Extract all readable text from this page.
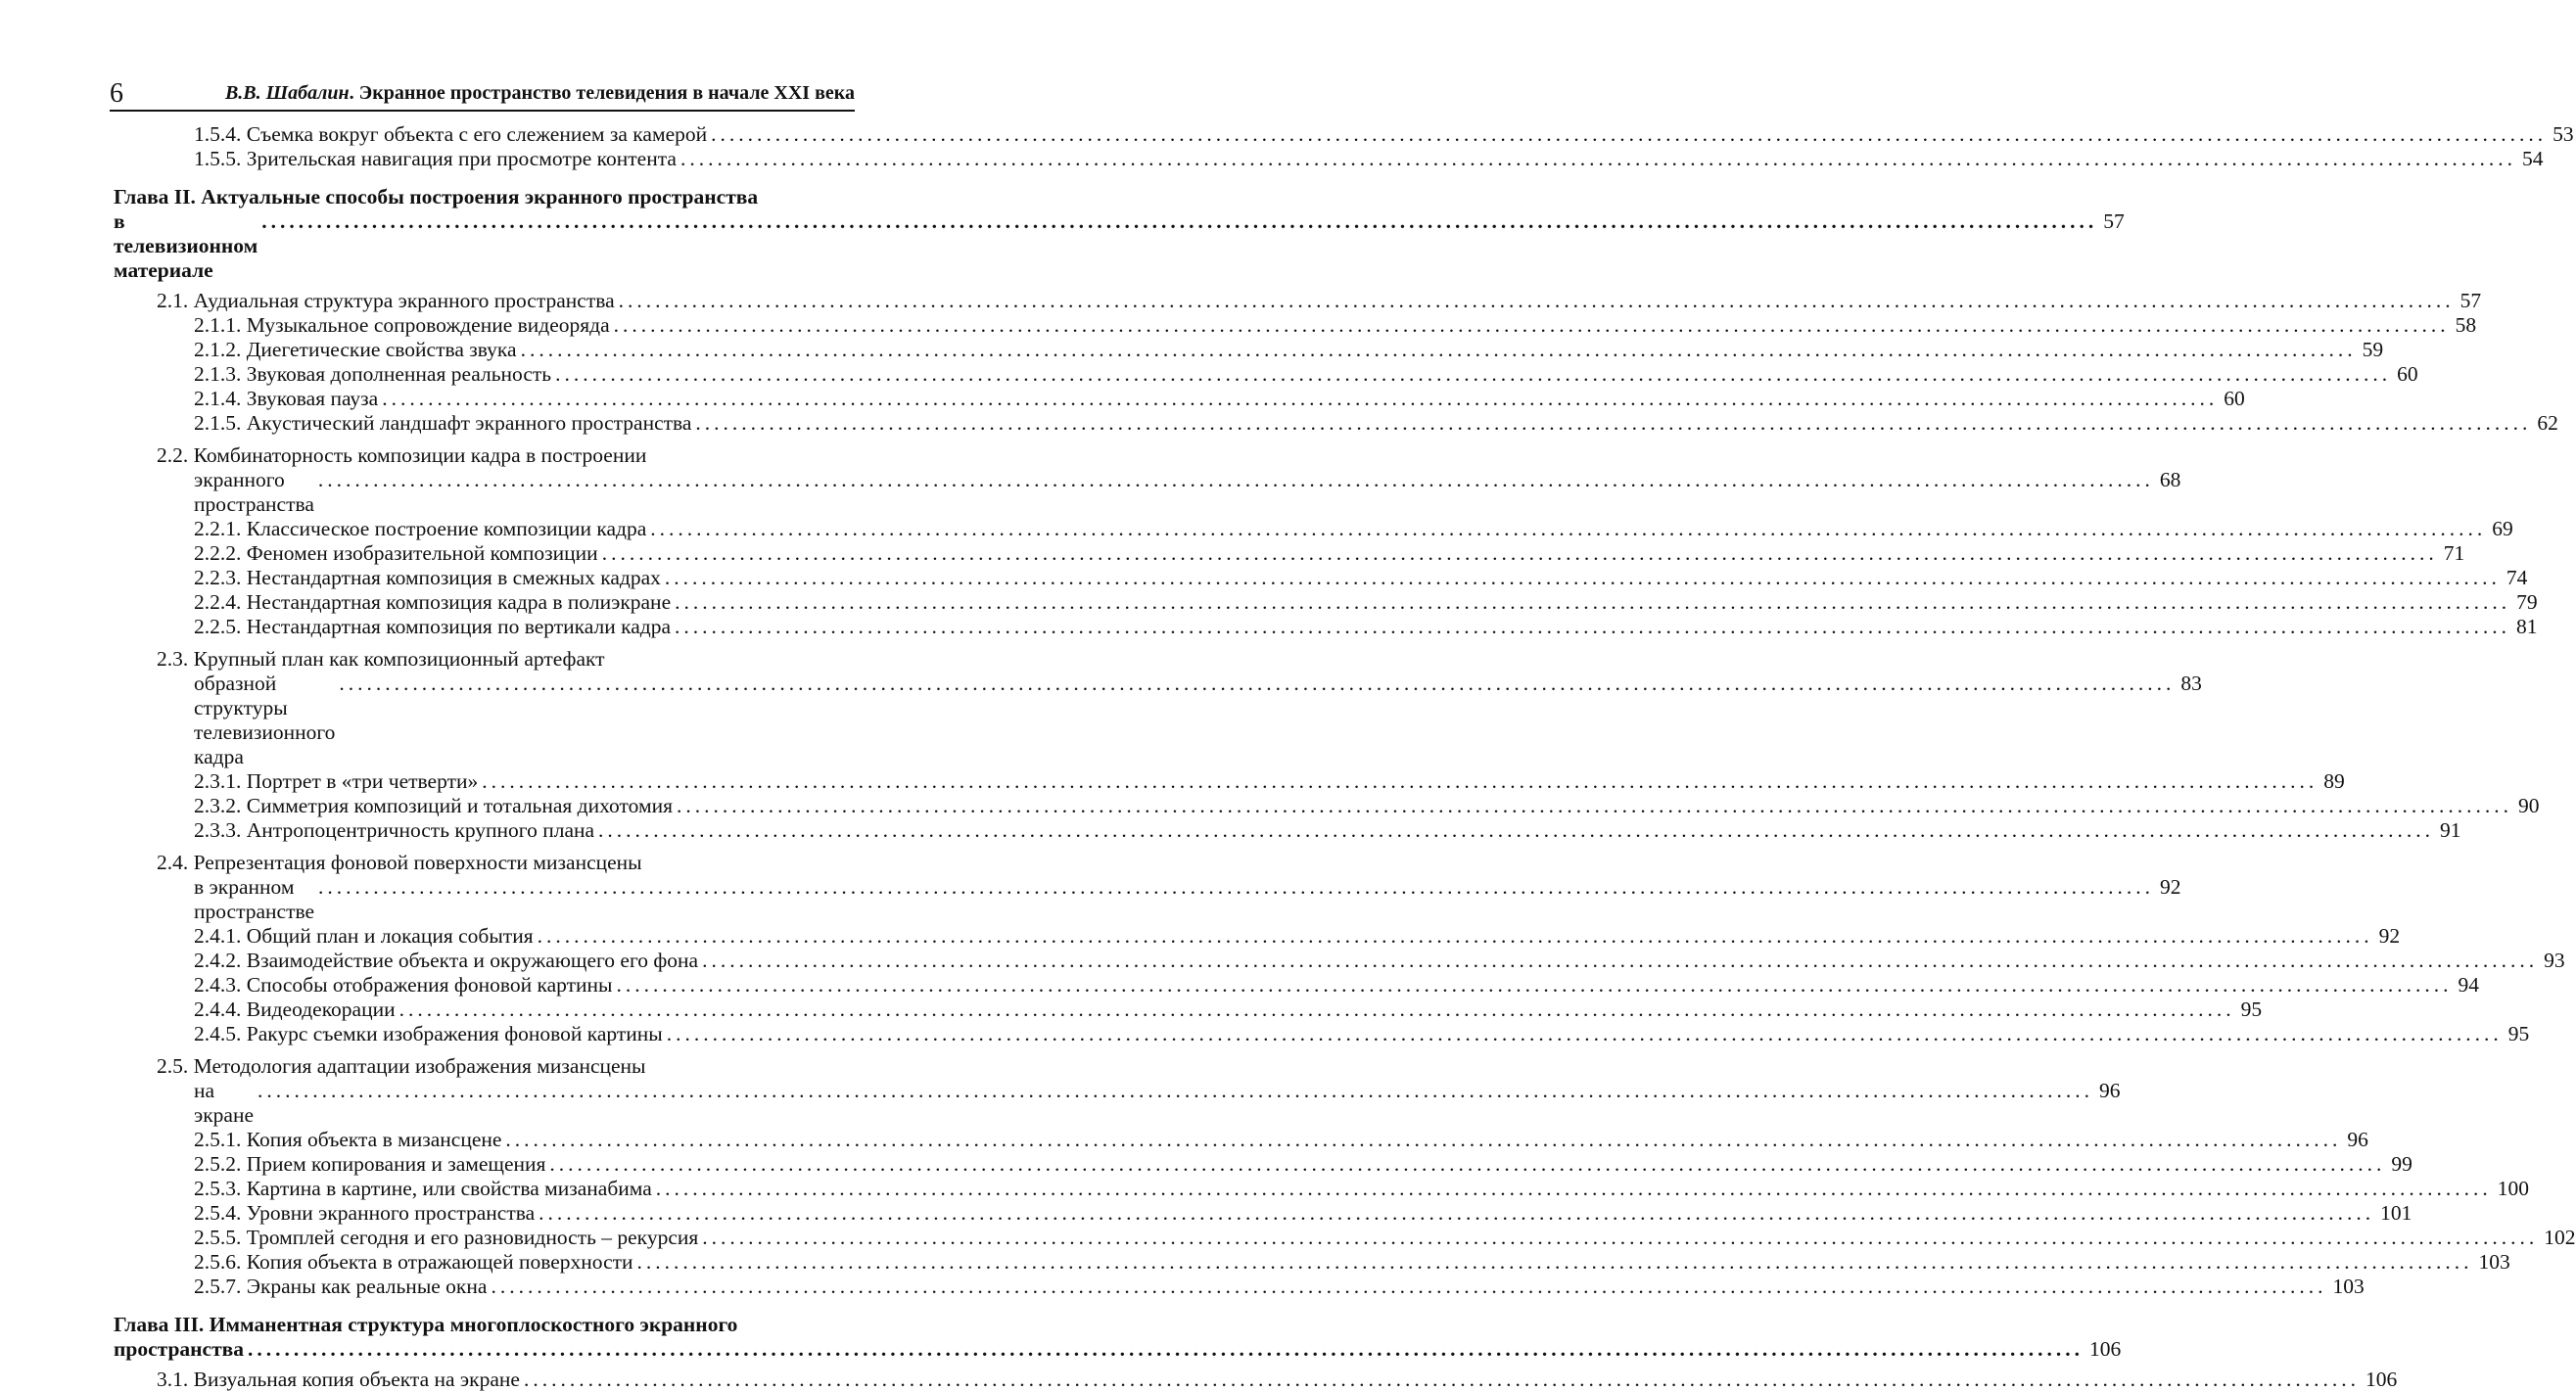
6	В.В. Шабалин. Экранное пространство телевидения в начале XXI века
1.5.4. Съемка вокруг объекта с его слежением за камерой ........................................................................................................................................................................................................ 53
1.5.5. Зрительская навигация при просмотре контента ........................................................................................................................................................................................................ 54
Глава II. Актуальные способы построения экранного пространства
в телевизионном материале
........................................................................................................................................................................................................ 57
2.1. Аудиальная структура экранного пространства ........................................................................................................................................................................................................ 57
2.1.1. Музыкальное сопровождение видеоряда ........................................................................................................................................................................................................ 58
2.1.2. Диегетические свойства звука ........................................................................................................................................................................................................ 59
2.1.3. Звуковая дополненная реальность ........................................................................................................................................................................................................ 60
2.1.4. Звуковая пауза ........................................................................................................................................................................................................ 60
2.1.5. Акустический ландшафт экранного пространства ........................................................................................................................................................................................................ 62
2.2. Комбинаторность композиции кадра в построении
экранного пространства
........................................................................................................................................................................................................ 68
2.2.1. Классическое построение композиции кадра ........................................................................................................................................................................................................ 69
2.2.2. Феномен изобразительной композиции ........................................................................................................................................................................................................ 71
2.2.3. Нестандартная композиция в смежных кадрах ........................................................................................................................................................................................................ 74
2.2.4. Нестандартная композиция кадра в полиэкране ........................................................................................................................................................................................................ 79
2.2.5. Нестандартная композиция по вертикали кадра ........................................................................................................................................................................................................ 81
2.3. Крупный план как композиционный артефакт
образной структуры телевизионного кадра
........................................................................................................................................................................................................ 83
2.3.1. Портрет в «три четверти» ........................................................................................................................................................................................................ 89
2.3.2. Симметрия композиций и тотальная дихотомия ........................................................................................................................................................................................................ 90
2.3.3. Антропоцентричность крупного плана ........................................................................................................................................................................................................ 91
2.4. Репрезентация фоновой поверхности мизансцены
в экранном пространстве
........................................................................................................................................................................................................ 92
2.4.1. Общий план и локация события ........................................................................................................................................................................................................ 92
2.4.2. Взаимодействие объекта и окружающего его фона ........................................................................................................................................................................................................ 93
2.4.3. Способы отображения фоновой картины ........................................................................................................................................................................................................ 94
2.4.4. Видеодекорации ........................................................................................................................................................................................................ 95
2.4.5. Ракурс съемки изображения фоновой картины ........................................................................................................................................................................................................ 95
2.5. Методология адаптации изображения мизансцены
на экране
........................................................................................................................................................................................................ 96
2.5.1. Копия объекта в мизансцене ........................................................................................................................................................................................................ 96
2.5.2. Прием копирования и замещения ........................................................................................................................................................................................................ 99
2.5.3. Картина в картине, или свойства мизанабима ........................................................................................................................................................................................................ 100
2.5.4. Уровни экранного пространства ........................................................................................................................................................................................................ 101
2.5.5. Тромплей сегодня и его разновидность – рекурсия ........................................................................................................................................................................................................ 102
2.5.6. Копия объекта в отражающей поверхности ........................................................................................................................................................................................................ 103
2.5.7. Экраны как реальные окна ........................................................................................................................................................................................................ 103
Глава III. Имманентная структура многоплоскостного экранного
пространства ........................................................................................................................................................................................................ 106
3.1. Визуальная копия объекта на экране ........................................................................................................................................................................................................ 106
